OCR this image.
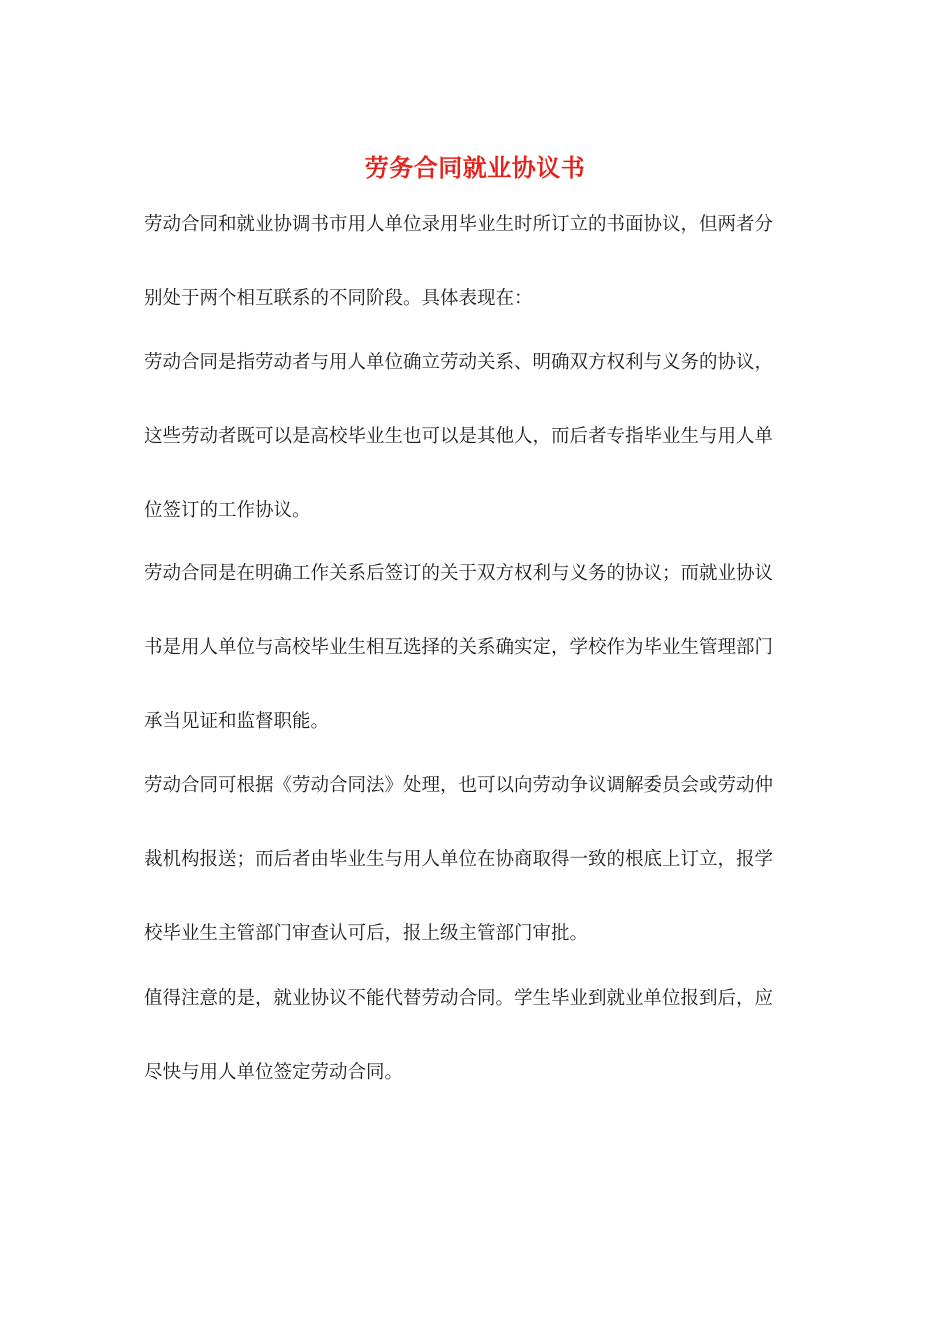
劳务合同就业协议书
劳动合同和就业协调书市用人单位录用毕业生时所订立的书面协议，但两者分
别处于两个相互联系的不同阶段。具体表现在：
劳动合同是指劳动者与用人单位确立劳动关系、明确双方权利与义务的协议，
这些劳动者既可以是高校毕业生也可以是其他人，而后者专指毕业生与用人单
位签订的工作协议。
劳动合同是在明确工作关系后签订的关于双方权利与义务的协议；而就业协议
书是用人单位与高校毕业生相互选择的关系确实定，学校作为毕业生管理部门
承当见证和监督职能。
劳动合同可根据《劳动合同法》处理，也可以向劳动争议调解委员会或劳动仲
裁机构报送；而后者由毕业生与用人单位在协商取得一致的根底上订立，报学
校毕业生主管部门审查认可后，报上级主管部门审批。
值得注意的是，就业协议不能代替劳动合同。学生毕业到就业单位报到后，应
尽快与用人单位签定劳动合同。
